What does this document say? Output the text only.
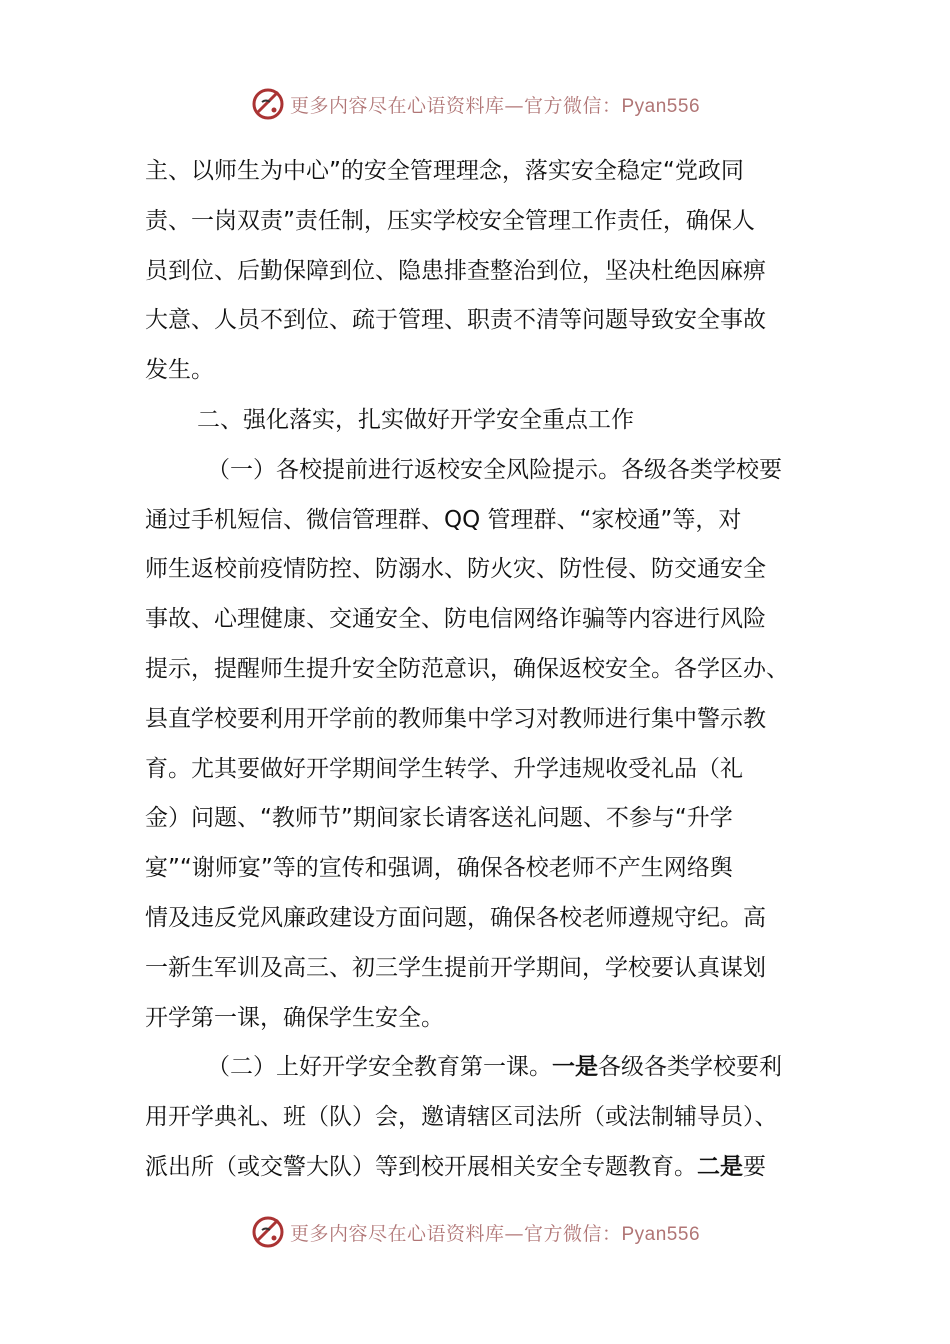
更多内容尽在心语资料库—官方微信：Pyan556
主、以师生为中心”的安全管理理念，落实安全稳定“党政同
责、一岗双责”责任制，压实学校安全管理工作责任，确保人
员到位、后勤保障到位、隐患排查整治到位，坚决杜绝因麻痹
大意、人员不到位、疏于管理、职责不清等问题导致安全事故
发生。
二、强化落实，扎实做好开学安全重点工作
（一）各校提前进行返校安全风险提示。各级各类学校要
通过手机短信、微信管理群、QQ 管理群、“家校通”等，对
师生返校前疫情防控、防溺水、防火灾、防性侵、防交通安全
事故、心理健康、交通安全、防电信网络诈骗等内容进行风险
提示，提醒师生提升安全防范意识，确保返校安全。各学区办、
县直学校要利用开学前的教师集中学习对教师进行集中警示教
育。尤其要做好开学期间学生转学、升学违规收受礼品（礼
金）问题、“教师节”期间家长请客送礼问题、不参与“升学
宴”“谢师宴”等的宣传和强调，确保各校老师不产生网络舆
情及违反党风廉政建设方面问题，确保各校老师遵规守纪。高
一新生军训及高三、初三学生提前开学期间，学校要认真谋划
开学第一课，确保学生安全。
（二）上好开学安全教育第一课。一是各级各类学校要利
用开学典礼、班（队）会，邀请辖区司法所（或法制辅导员）、
派出所（或交警大队）等到校开展相关安全专题教育。二是要
更多内容尽在心语资料库—官方微信：Pyan556
